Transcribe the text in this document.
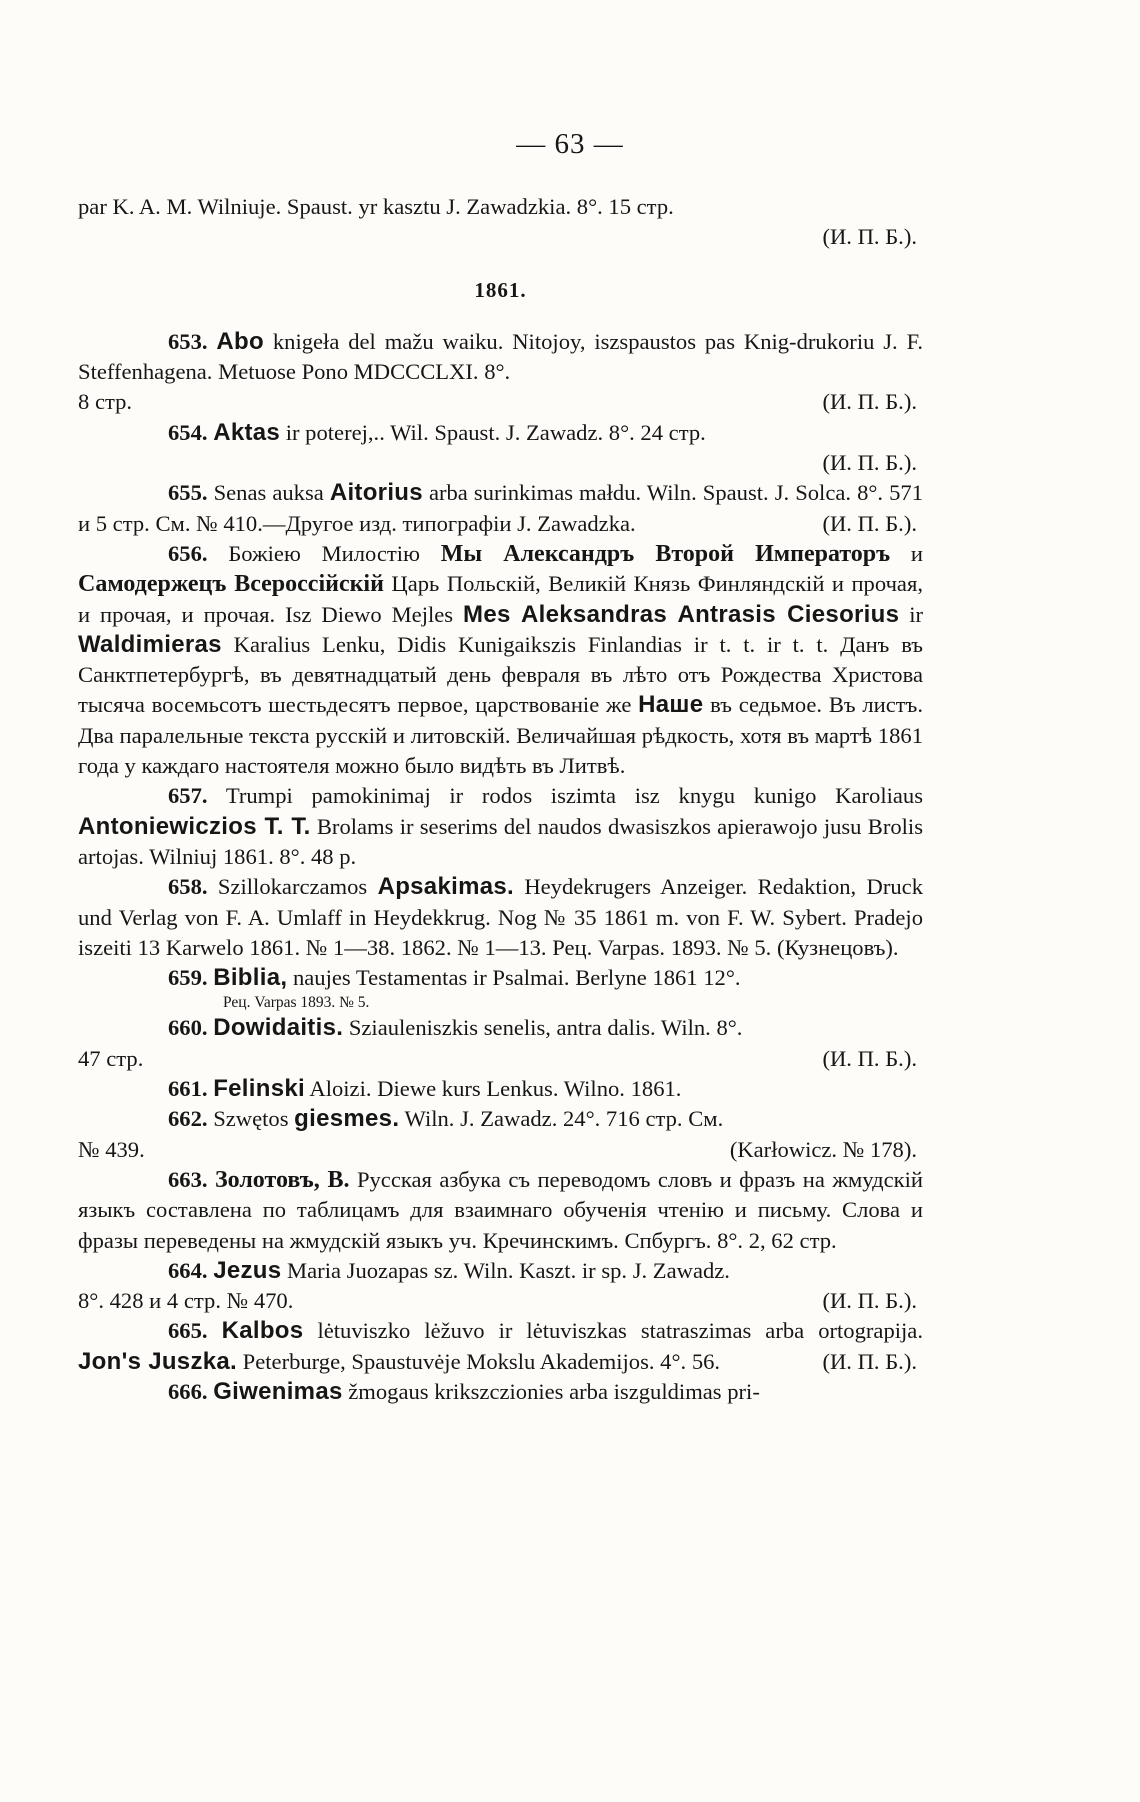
— 63 —

par K. A. M. Wilniuje. Spaust. yr kasztu J. Zawadzkia. 8°. 15 стр.

(И. П. Б.).

1861.

653. Abo knigeła del mažu waiku. Nitojoy, iszspaustos pas Knig-drukoriu J. F. Steffenhagena. Metuose Pono MDCCCLXI. 8°.

8 стр.	(И. П. Б.).

654. Aktas ir poterej,.. Wil. Spaust. J. Zawadz. 8°. 24 стр.

(И. П. Б.).

655. Senas auksa Aitorius arba surinkimas małdu. Wiln. Spaust. J. Solca. 8°. 571 и 5 стр. См. № 410.—Другое изд. типографіи J. Zawadzka.	(И. П. Б.).

656. Божіею Милостію Мы Александръ Второй Императоръ и Самодержецъ Всероссійскій Царь Польскій, Великій Князь Финляндскій и прочая, и прочая, и прочая. Isz Diewo Mejles Mes Aleksandras Antrasis Ciesorius ir Waldimieras Karalius Lenku, Didis Kunigaikszis Finlandias ir t. t. ir t. t. Данъ въ Санктпетербургѣ, въ девятнадцатый день февраля въ лѣто отъ Рождества Христова тысяча восемьсотъ шестьдесятъ первое, царствованіе же Наше въ седьмое. Въ листъ. Два паралельные текста русскій и литовскій. Величайшая рѣдкость, хотя въ мартѣ 1861 года у каждаго настоятеля можно было видѣть въ Литвѣ.

657. Trumpi pamokinimaj ir rodos iszimta isz knygu kunigo Karoliaus Antoniewiczios T. T. Brolams ir seserims del naudos dwasiszkos apierawojo jusu Brolis artojas. Wilniuj 1861. 8°. 48 p.

658. Szillokarczamos Apsakimas. Heydekrugers Anzeiger. Redaktion, Druck und Verlag von F. A. Umlaff in Heydekkrug. Nog № 35 1861 m. von F. W. Sybert. Pradejo iszeiti 13 Karwelo 1861. № 1—38. 1862. № 1—13. Рец. Varpas. 1893. № 5. (Кузнецовъ).

659. Biblia, naujes Testamentas ir Psalmai. Berlyne 1861 12°.

Рец. Varpas 1893. № 5.

660. Dowidaitis. Sziauleniszkis senelis, antra dalis. Wiln. 8°.

47 стр.	(И. П. Б.).

661. Felinski Aloizi. Diewe kurs Lenkus. Wilno. 1861.

662. Szwętos giesmes. Wiln. J. Zawadz. 24°. 716 стр. См.

№ 439.	(Karłowicz. № 178).

663. Золотовъ, В. Русская азбука съ переводомъ словъ и фразъ на жмудскій языкъ составлена по таблицамъ для взаимнаго обученія чтенію и письму. Слова и фразы переведены на жмудскій языкъ уч. Кречинскимъ. Спбургъ. 8°. 2, 62 стр.

664. Jezus Maria Juozapas sz. Wiln. Kaszt. ir sp. J. Zawadz.

8°. 428 и 4 стр. № 470.	(И. П. Б.).

665. Kalbos lėtuviszko lėžuvo ir lėtuviszkas statraszimas arba ortograpija. Jon's Juszka. Peterburge, Spaustuvėje Mokslu Akademijos. 4°. 56.	(И. П. Б.).

666. Giwenimas žmogaus krikszczionies arba iszguldimas pri-
